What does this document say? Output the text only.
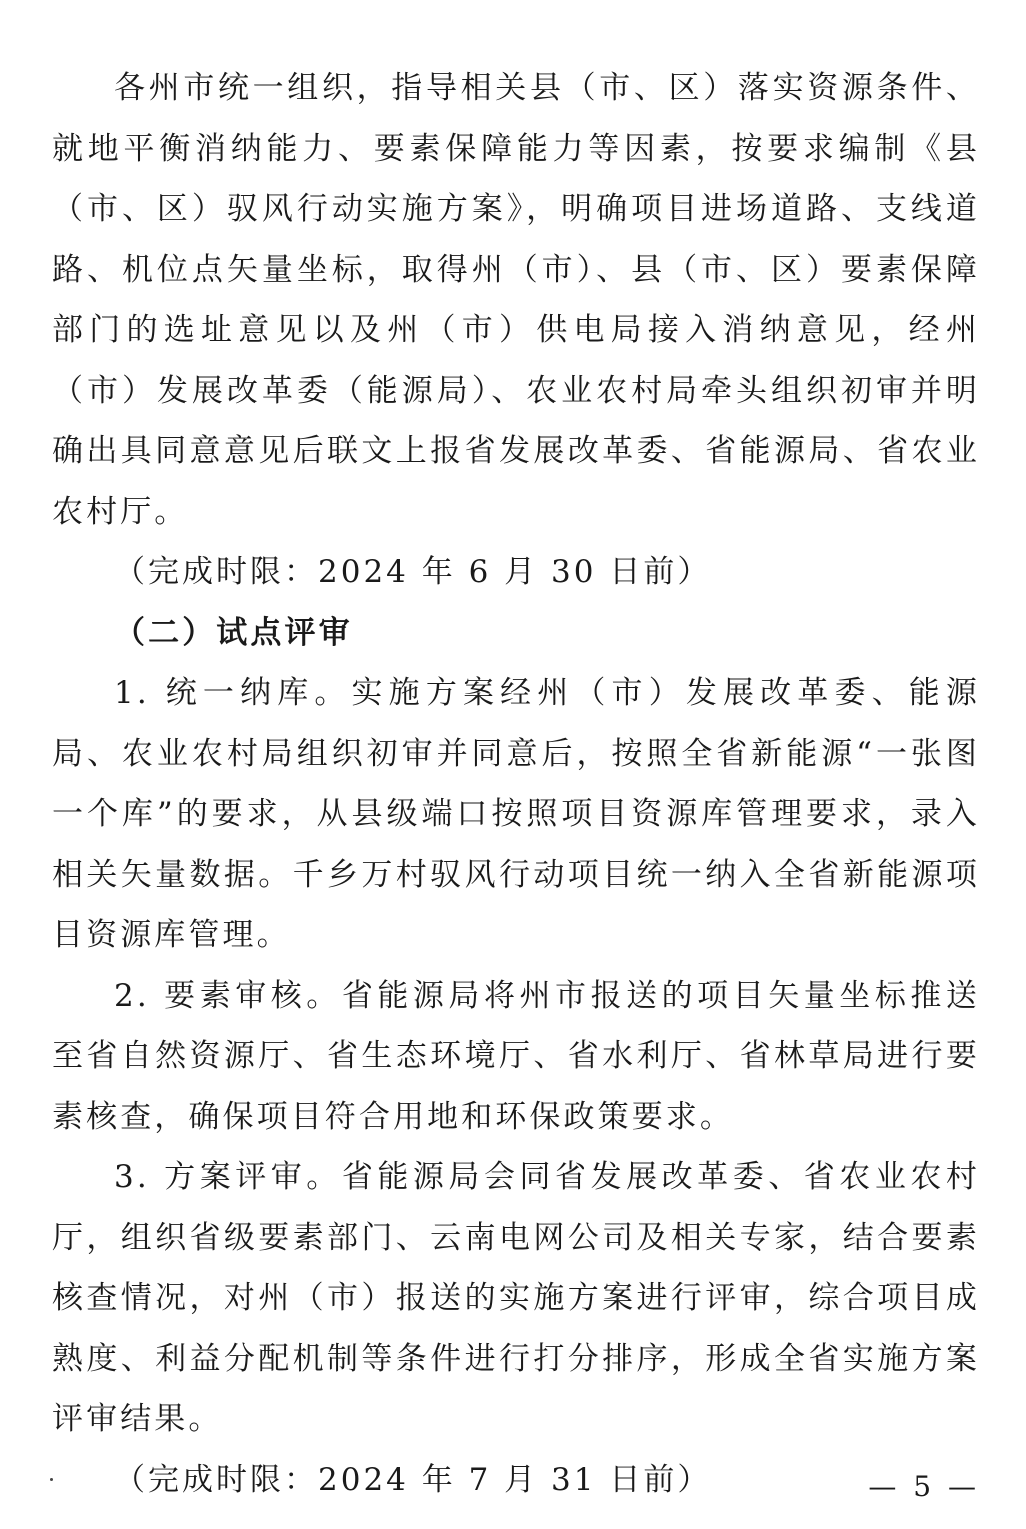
各州市统一组织，指导相关县（市、区）落实资源条件、就地平衡消纳能力、要素保障能力等因素，按要求编制《县（市、区）驭风行动实施方案》，明确项目进场道路、支线道路、机位点矢量坐标，取得州（市）、县（市、区）要素保障部门的选址意见以及州（市）供电局接入消纳意见，经州（市）发展改革委（能源局）、农业农村局牵头组织初审并明确出具同意意见后联文上报省发展改革委、省能源局、省农业农村厅。

（完成时限：2024 年 6 月 30 日前）

（二）试点评审

1. 统一纳库。实施方案经州（市）发展改革委、能源局、农业农村局组织初审并同意后，按照全省新能源“一张图一个库”的要求，从县级端口按照项目资源库管理要求，录入相关矢量数据。千乡万村驭风行动项目统一纳入全省新能源项目资源库管理。

2. 要素审核。省能源局将州市报送的项目矢量坐标推送至省自然资源厅、省生态环境厅、省水利厅、省林草局进行要素核查，确保项目符合用地和环保政策要求。

3. 方案评审。省能源局会同省发展改革委、省农业农村厅，组织省级要素部门、云南电网公司及相关专家，结合要素核查情况，对州（市）报送的实施方案进行评审，综合项目成熟度、利益分配机制等条件进行打分排序，形成全省实施方案评审结果。

（完成时限：2024 年 7 月 31 日前）	— 5 —
